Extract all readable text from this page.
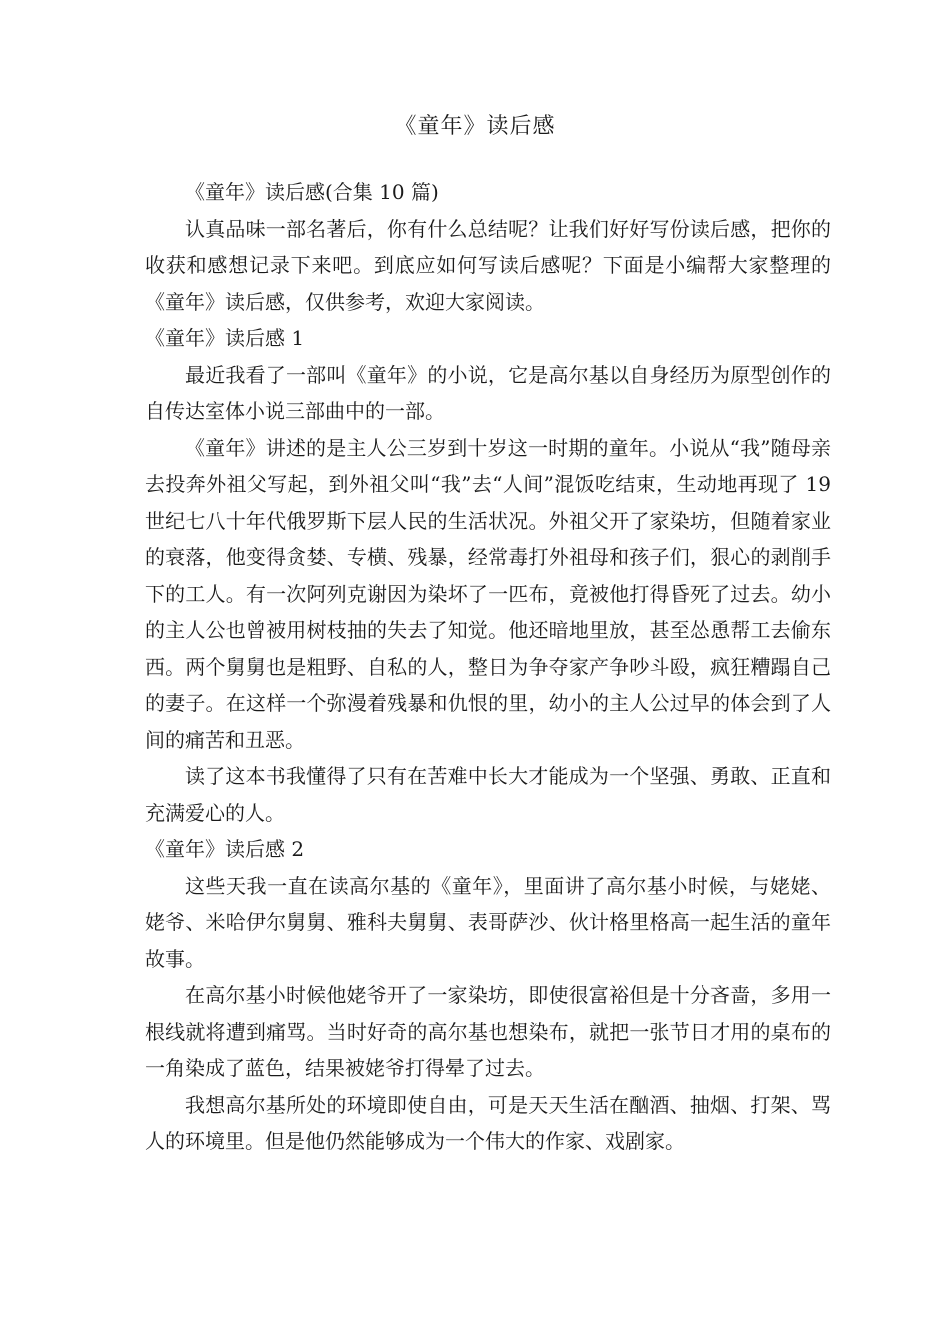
《童年》读后感

《童年》读后感(合集 10 篇)

认真品味一部名著后，你有什么总结呢？让我们好好写份读后感，把你的收获和感想记录下来吧。到底应如何写读后感呢？下面是小编帮大家整理的《童年》读后感，仅供参考，欢迎大家阅读。

《童年》读后感 1

最近我看了一部叫《童年》的小说，它是高尔基以自身经历为原型创作的自传达室体小说三部曲中的一部。

《童年》讲述的是主人公三岁到十岁这一时期的童年。小说从“我”随母亲去投奔外祖父写起，到外祖父叫“我”去“人间”混饭吃结束，生动地再现了 19 世纪七八十年代俄罗斯下层人民的生活状况。外祖父开了家染坊，但随着家业的衰落，他变得贪婪、专横、残暴，经常毒打外祖母和孩子们，狠心的剥削手下的工人。有一次阿列克谢因为染坏了一匹布，竟被他打得昏死了过去。幼小的主人公也曾被用树枝抽的失去了知觉。他还暗地里放，甚至怂恿帮工去偷东西。两个舅舅也是粗野、自私的人，整日为争夺家产争吵斗殴，疯狂糟蹋自己的妻子。在这样一个弥漫着残暴和仇恨的里，幼小的主人公过早的体会到了人间的痛苦和丑恶。

读了这本书我懂得了只有在苦难中长大才能成为一个坚强、勇敢、正直和充满爱心的人。

《童年》读后感 2

这些天我一直在读高尔基的《童年》，里面讲了高尔基小时候，与姥姥、姥爷、米哈伊尔舅舅、雅科夫舅舅、表哥萨沙、伙计格里格高一起生活的童年故事。

在高尔基小时候他姥爷开了一家染坊，即使很富裕但是十分吝啬，多用一根线就将遭到痛骂。当时好奇的高尔基也想染布，就把一张节日才用的桌布的一角染成了蓝色，结果被姥爷打得晕了过去。

我想高尔基所处的环境即使自由，可是天天生活在酗酒、抽烟、打架、骂人的环境里。但是他仍然能够成为一个伟大的作家、戏剧家。
